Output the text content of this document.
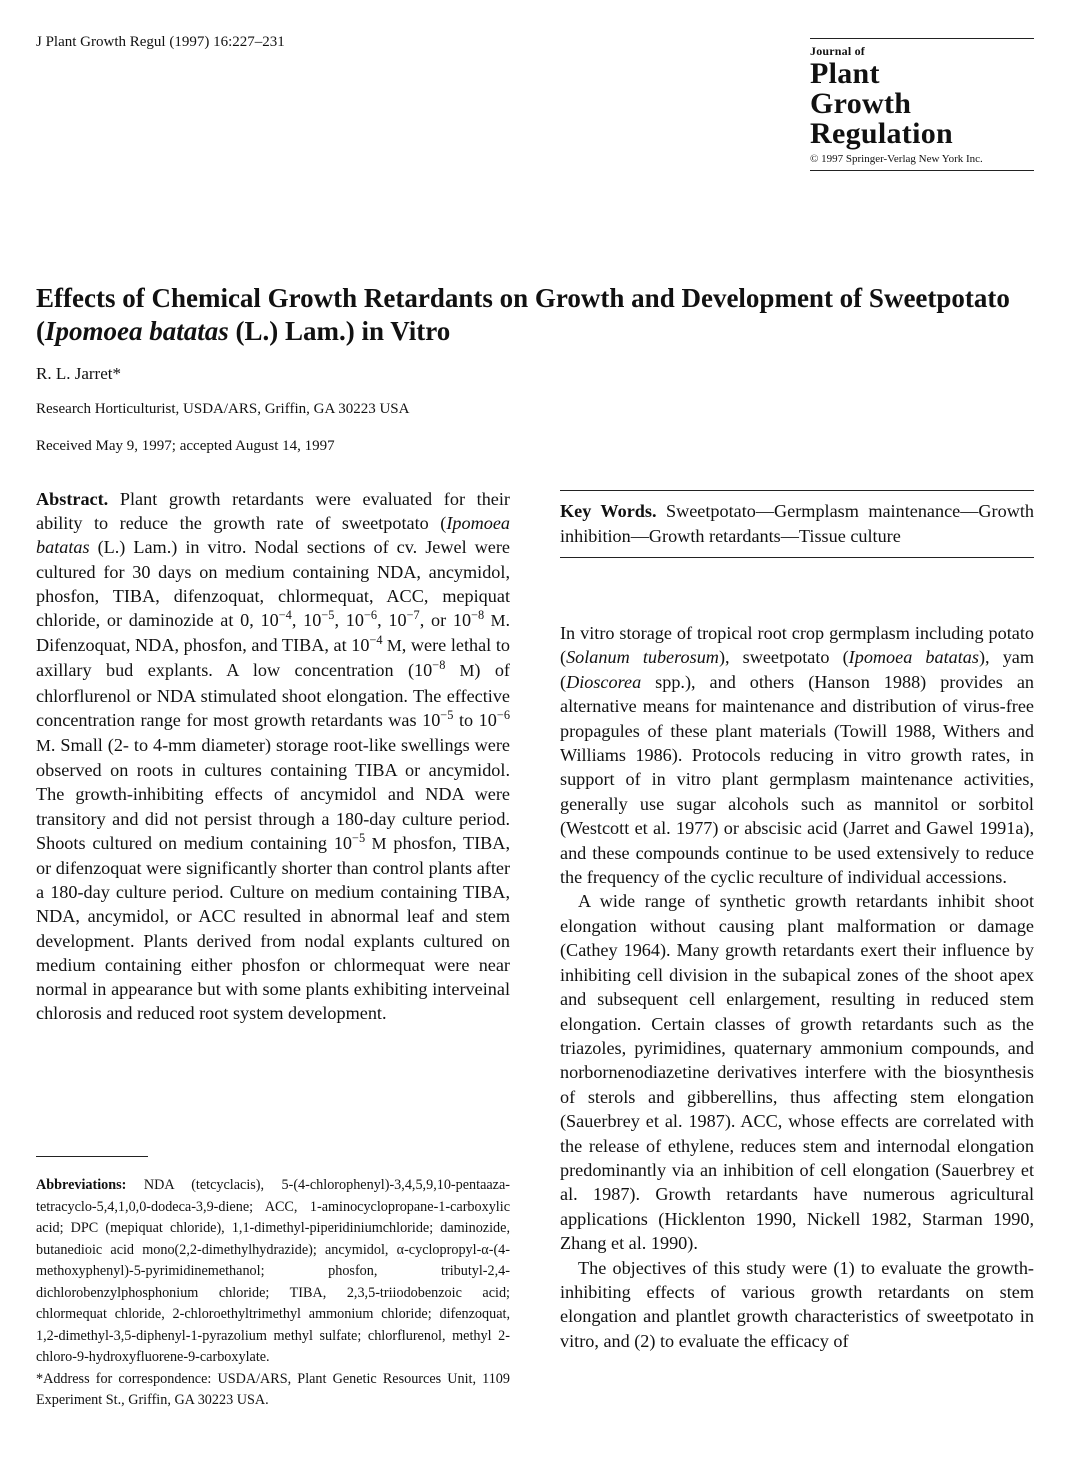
J Plant Growth Regul (1997) 16:227–231
Journal of
Plant
Growth
Regulation
© 1997 Springer-Verlag New York Inc.
Effects of Chemical Growth Retardants on Growth and Development of Sweetpotato (Ipomoea batatas (L.) Lam.) in Vitro
R. L. Jarret*
Research Horticulturist, USDA/ARS, Griffin, GA 30223 USA
Received May 9, 1997; accepted August 14, 1997

Abstract. Plant growth retardants were evaluated for their ability to reduce the growth rate of sweetpotato (Ipomoea batatas (L.) Lam.) in vitro. Nodal sections of cv. Jewel were cultured for 30 days on medium containing NDA, ancymidol, phosfon, TIBA, difenzoquat, chlormequat, ACC, mepiquat chloride, or daminozide at 0, $10^{-4}$, $10^{-5}$, $10^{-6}$, $10^{-7}$, or $10^{-8}$ M. Difenzoquat, NDA, phosfon, and TIBA, at $10^{-4}$ M, were lethal to axillary bud explants. A low concentration ($10^{-8}$ M) of chlorflurenol or NDA stimulated shoot elongation. The effective concentration range for most growth retardants was $10^{-5}$ to $10^{-6}$ M. Small (2- to 4-mm diameter) storage root-like swellings were observed on roots in cultures containing TIBA or ancymidol. The growth-inhibiting effects of ancymidol and NDA were transitory and did not persist through a 180-day culture period. Shoots cultured on medium containing $10^{-5}$ M phosfon, TIBA, or difenzoquat were significantly shorter than control plants after a 180-day culture period. Culture on medium containing TIBA, NDA, ancymidol, or ACC resulted in abnormal leaf and stem development. Plants derived from nodal explants cultured on medium containing either phosfon or chlormequat were near normal in appearance but with some plants exhibiting interveinal chlorosis and reduced root system development.

Abbreviations: NDA (tetcyclacis), 5-(4-chlorophenyl)-3,4,5,9,10-pentaaza-tetracyclo-5,4,1,0,0-dodeca-3,9-diene; ACC, 1-aminocyclopropane-1-carboxylic acid; DPC (mepiquat chloride), 1,1-dimethyl-piperidiniumchloride; daminozide, butanedioic acid mono(2,2-dimethylhydrazide); ancymidol, α-cyclopropyl-α-(4-methoxyphenyl)-5-pyrimidinemethanol; phosfon, tributyl-2,4-dichlorobenzylphosphonium chloride; TIBA, 2,3,5-triiodobenzoic acid; chlormequat chloride, 2-chloroethyltrimethyl ammonium chloride; difenzoquat, 1,2-dimethyl-3,5-diphenyl-1-pyrazolium methyl sulfate; chlorflurenol, methyl 2-chloro-9-hydroxyfluorene-9-carboxylate.
*Address for correspondence: USDA/ARS, Plant Genetic Resources Unit, 1109 Experiment St., Griffin, GA 30223 USA.

Key Words. Sweetpotato—Germplasm maintenance—Growth inhibition—Growth retardants—Tissue culture

In vitro storage of tropical root crop germplasm including potato (Solanum tuberosum), sweetpotato (Ipomoea batatas), yam (Dioscorea spp.), and others (Hanson 1988) provides an alternative means for maintenance and distribution of virus-free propagules of these plant materials (Towill 1988, Withers and Williams 1986). Protocols reducing in vitro growth rates, in support of in vitro plant germplasm maintenance activities, generally use sugar alcohols such as mannitol or sorbitol (Westcott et al. 1977) or abscisic acid (Jarret and Gawel 1991a), and these compounds continue to be used extensively to reduce the frequency of the cyclic reculture of individual accessions.

A wide range of synthetic growth retardants inhibit shoot elongation without causing plant malformation or damage (Cathey 1964). Many growth retardants exert their influence by inhibiting cell division in the subapical zones of the shoot apex and subsequent cell enlargement, resulting in reduced stem elongation. Certain classes of growth retardants such as the triazoles, pyrimidines, quaternary ammonium compounds, and norbornenodiazetine derivatives interfere with the biosynthesis of sterols and gibberellins, thus affecting stem elongation (Sauerbrey et al. 1987). ACC, whose effects are correlated with the release of ethylene, reduces stem and internodal elongation predominantly via an inhibition of cell elongation (Sauerbrey et al. 1987). Growth retardants have numerous agricultural applications (Hicklenton 1990, Nickell 1982, Starman 1990, Zhang et al. 1990).

The objectives of this study were (1) to evaluate the growth-inhibiting effects of various growth retardants on stem elongation and plantlet growth characteristics of sweetpotato in vitro, and (2) to evaluate the efficacy of
